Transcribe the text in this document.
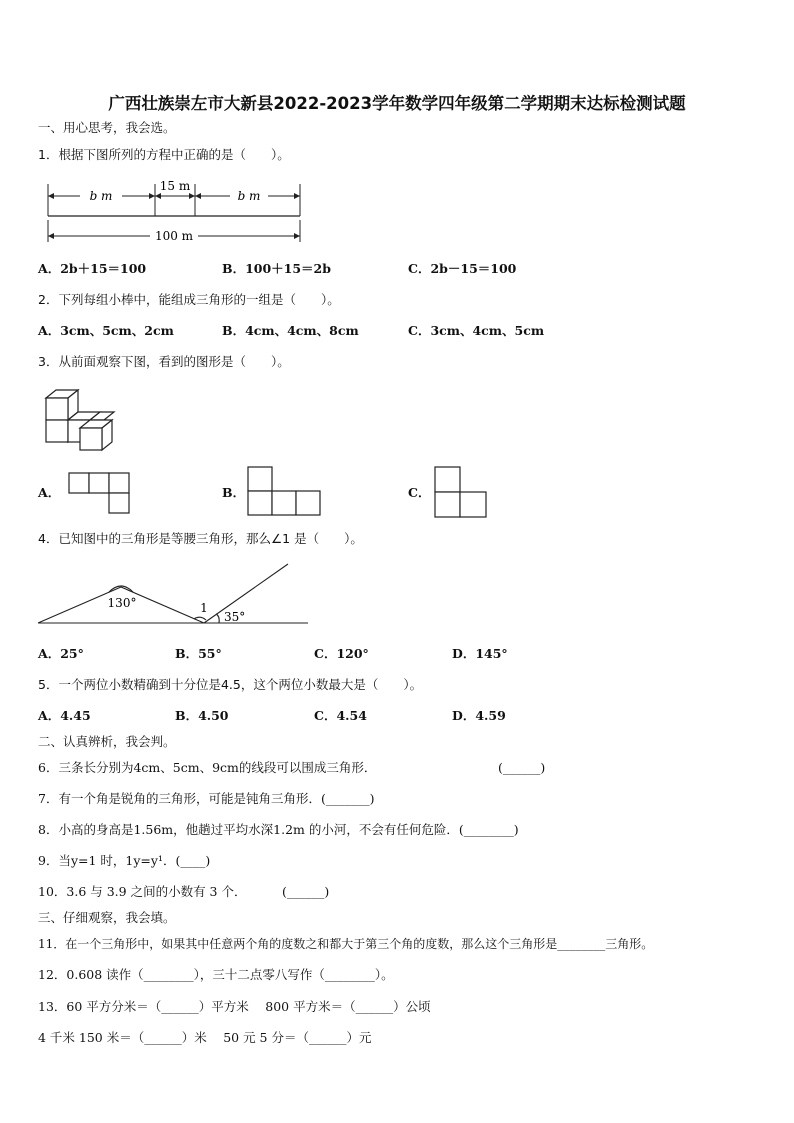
广西壮族崇左市大新县2022-2023学年数学四年级第二学期期末达标检测试题
一、用心思考，我会选。
1．根据下图所列的方程中正确的是（　　）。
b m
15 m
b m
100 m
A．2b＋15＝100	B．100＋15＝2b	C．2b－15＝100
2．下列每组小棒中，能组成三角形的一组是（　　）。
A．3cm、5cm、2cm	B．4cm、4cm、8cm	C．3cm、4cm、5cm
3．从前面观察下图，看到的图形是（　　）。
A．	B．	C．
4．已知图中的三角形是等腰三角形，那么∠1 是（　　）。
130°	1
35°
A．25°	B．55°	C．120°	D．145°
5．一个两位小数精确到十分位是4.5，这个两位小数最大是（　　）。
A．4.45	B．4.50	C．4.54	D．4.59
二、认真辨析，我会判。
6．三条长分别为4cm、5cm、9cm的线段可以围成三角形．	(______)
7．有一个角是锐角的三角形，可能是钝角三角形．(_______)
8．小高的身高是1.56m，他趟过平均水深1.2m 的小河，不会有任何危险．(________)
9．当y=1 时，1y=y¹．(____)
10．3.6 与 3.9 之间的小数有 3 个．	(______)
三、仔细观察，我会填。
11．在一个三角形中，如果其中任意两个角的度数之和都大于第三个角的度数，那么这个三角形是________三角形。
12．0.608 读作（________），三十二点零八写作（________）。
13．60 平方分米＝（______）平方米　 800 平方米＝（______）公顷
4 千米 150 米＝（______）米　 50 元 5 分＝（______）元
